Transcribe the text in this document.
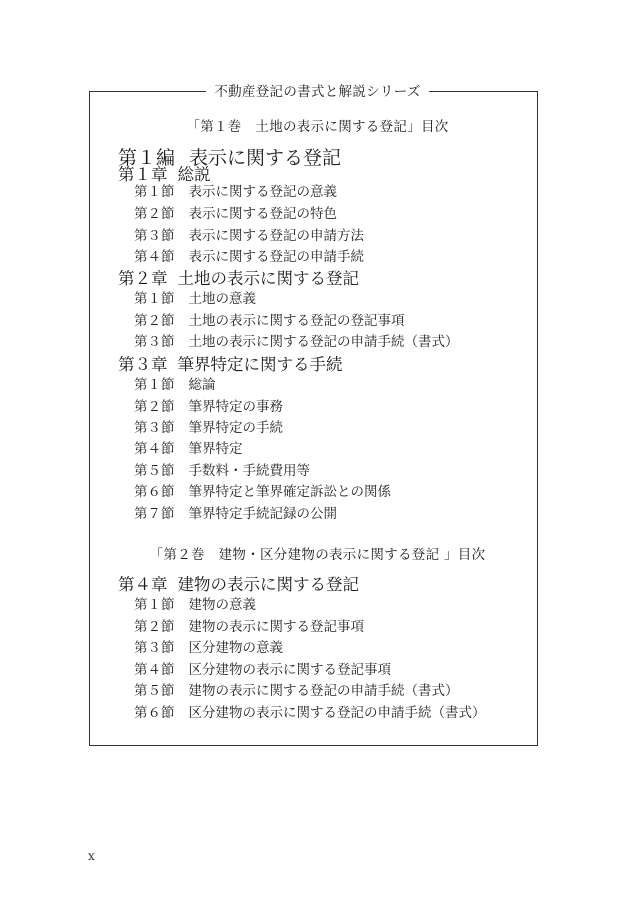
不動産登記の書式と解説シリーズ
「第１巻　土地の表示に関する登記」目次
第１編 表示に関する登記
第１章 総説
第１節 表示に関する登記の意義
第２節 表示に関する登記の特色
第３節 表示に関する登記の申請方法
第４節 表示に関する登記の申請手続
第２章 土地の表示に関する登記
第１節 土地の意義
第２節 土地の表示に関する登記の登記事項
第３節 土地の表示に関する登記の申請手続（書式）
第３章 筆界特定に関する手続
第１節 総論
第２節 筆界特定の事務
第３節 筆界特定の手続
第４節 筆界特定
第５節 手数料・手続費用等
第６節 筆界特定と筆界確定訴訟との関係
第７節 筆界特定手続記録の公開
「第２巻　建物・区分建物の表示に関する登記 」目次
第４章 建物の表示に関する登記
第１節 建物の意義
第２節 建物の表示に関する登記事項
第３節 区分建物の意義
第４節 区分建物の表示に関する登記事項
第５節 建物の表示に関する登記の申請手続（書式）
第６節 区分建物の表示に関する登記の申請手続（書式）
x
